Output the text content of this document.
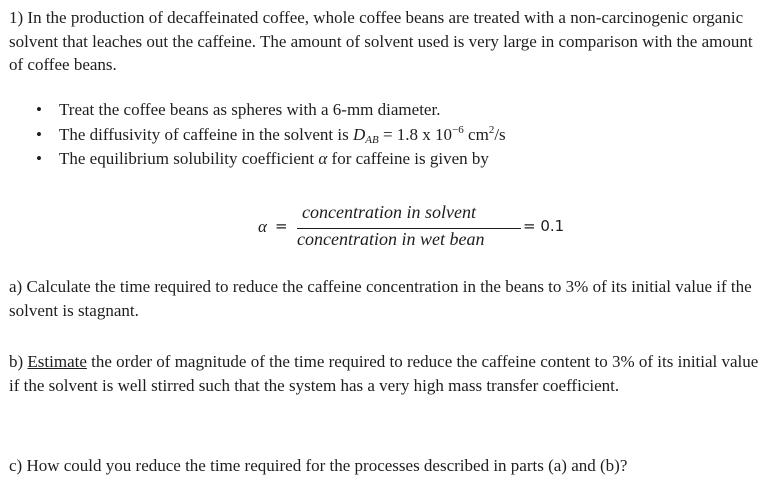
1) In the production of decaffeinated coffee, whole coffee beans are treated with a non-carcinogenic organic solvent that leaches out the caffeine. The amount of solvent used is very large in comparison with the amount of coffee beans.
• Treat the coffee beans as spheres with a 6-mm diameter.
• The diffusivity of caffeine in the solvent is $D_{AB} = 1.8$ x $10^{-6}$ $cm^2/s$
• The equilibrium solubility coefficient α for caffeine is given by
α =
concentration in solvent
concentration in wet bean
= 0.1
a) Calculate the time required to reduce the caffeine concentration in the beans to 3% of its initial value if the solvent is stagnant.
b) Estimate the order of magnitude of the time required to reduce the caffeine content to 3% of its initial value if the solvent is well stirred such that the system has a very high mass transfer coefficient.
c) How could you reduce the time required for the processes described in parts (a) and (b)?
